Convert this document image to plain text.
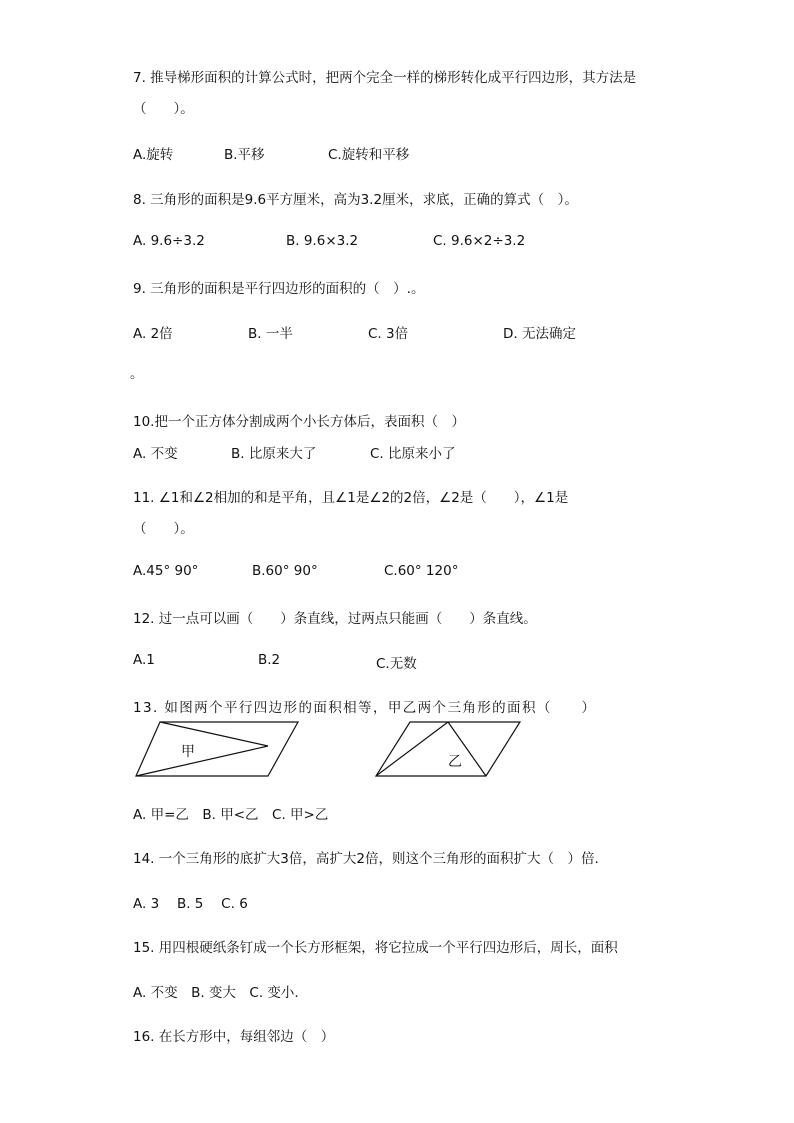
7. 推导梯形面积的计算公式时，把两个完全一样的梯形转化成平行四边形，其方法是
（　　）。
A.旋转	B.平移	C.旋转和平移
8. 三角形的面积是9.6平方厘米，高为3.2厘米，求底，正确的算式（　）。
A. 9.6÷3.2	B. 9.6×3.2	C. 9.6×2÷3.2
9. 三角形的面积是平行四边形的面积的（　）.。
A. 2倍	B. 一半	C. 3倍	D. 无法确定
。
10.把一个正方体分割成两个小长方体后，表面积（　）
A. 不变	B. 比原来大了	C. 比原来小了
11. ∠1和∠2相加的和是平角，且∠1是∠2的2倍，∠2是（　　），∠1是
（　　）。
A.45° 90°	B.60° 90°	C.60° 120°
12. 过一点可以画（　　）条直线，过两点只能画（　　）条直线。
A.1	B.2	C.无数
13. 如图两个平行四边形的面积相等，甲乙两个三角形的面积（　　）
甲
乙
A. 甲=乙　B. 甲<乙　C. 甲>乙
14. 一个三角形的底扩大3倍，高扩大2倍，则这个三角形的面积扩大（　）倍.
A. 3　 B. 5　 C. 6
15. 用四根硬纸条钉成一个长方形框架，将它拉成一个平行四边形后，周长，面积
A. 不变　B. 变大　C. 变小.
16. 在长方形中，每组邻边（　）
